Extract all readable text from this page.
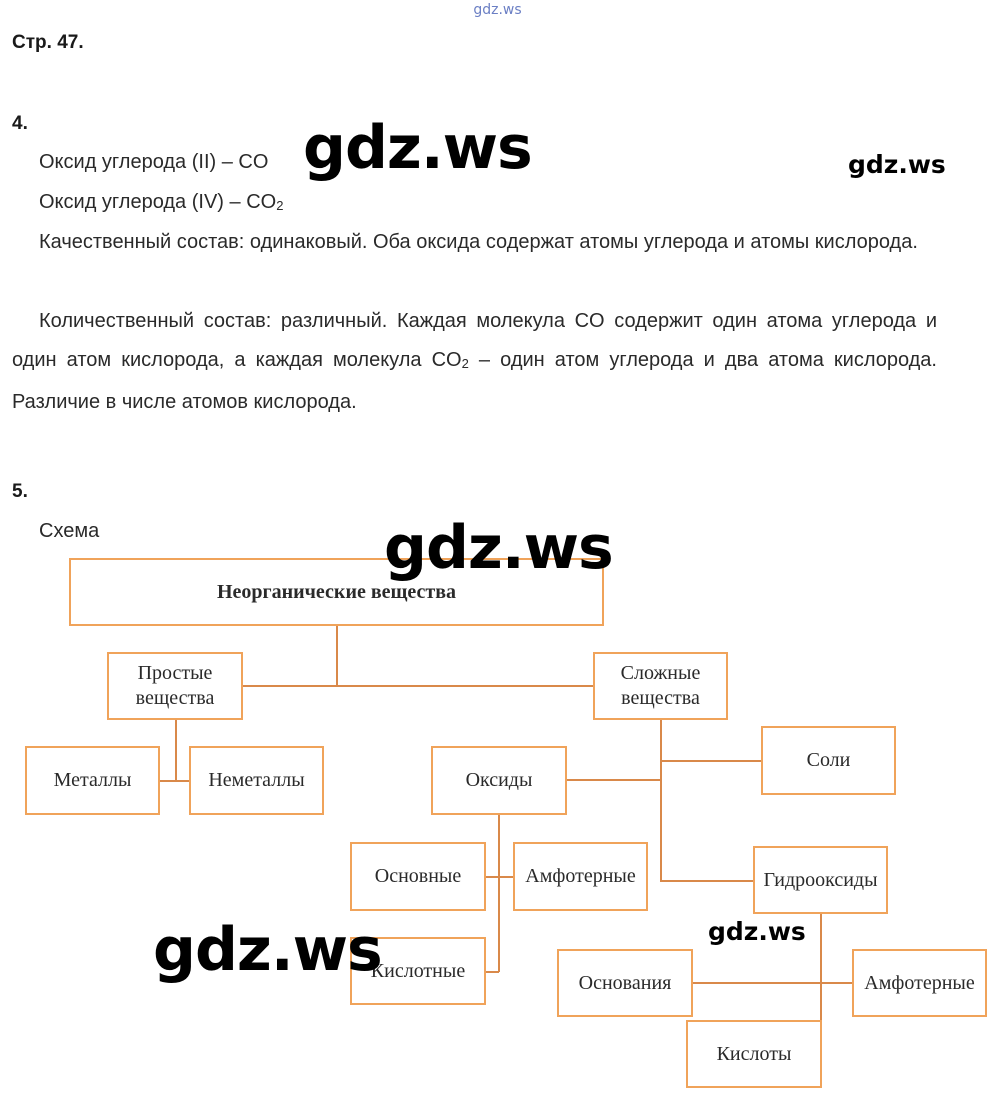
gdz.ws
Стр. 47.
4.
Оксид углерода (II) – CO
Оксид углерода $(IV) - CO_2$
Качественный состав: одинаковый. Оба оксида содержат атомы углерода и атомы кислорода.
Количественный состав: различный. Каждая молекула CO содержит один атома углерода и один атом кислорода, а каждая молекула $CO_2$ – один атом углерода и два атома кислорода. Различие в числе атомов кислорода.
gdz.ws	gdz.ws
5.
Схема
Неорганические вещества
Простые вещества
Сложные вещества
Металлы	Неметаллы	Оксиды
Соли
Основные	Амфотерные
Кислотные
Гидрооксиды
Основания	Амфотерные
Кислоты
gdz.ws
gdz.ws	gdz.ws
